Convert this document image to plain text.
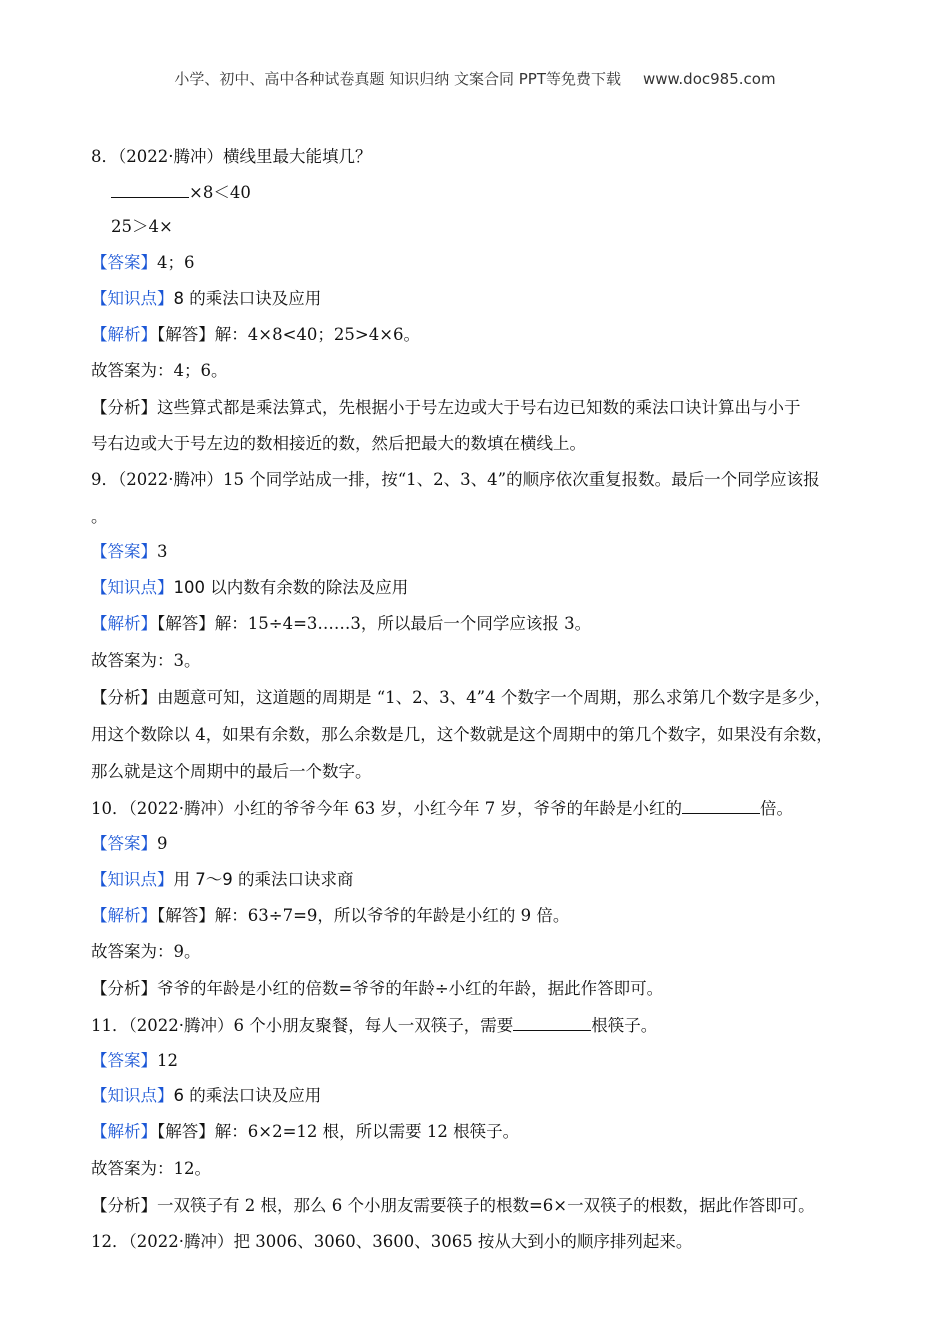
小学、初中、高中各种试卷真题 知识归纳 文案合同 PPT等免费下载 www.doc985.com
8．（2022·腾冲）横线里最大能填几？
×8＜40
25＞4×
【答案】4；6
【知识点】8 的乘法口诀及应用
【解析】【解答】解：4×8<40；25>4×6。
故答案为：4；6。
【分析】这些算式都是乘法算式，先根据小于号左边或大于号右边已知数的乘法口诀计算出与小于
号右边或大于号左边的数相接近的数，然后把最大的数填在横线上。
9．（2022·腾冲）15 个同学站成一排，按“1、2、3、4”的顺序依次重复报数。最后一个同学应该报
。
【答案】3
【知识点】100 以内数有余数的除法及应用
【解析】【解答】解：15÷4=3……3，所以最后一个同学应该报 3。
故答案为：3。
【分析】由题意可知，这道题的周期是 “1、2、3、4”4 个数字一个周期，那么求第几个数字是多少，
用这个数除以 4，如果有余数，那么余数是几，这个数就是这个周期中的第几个数字，如果没有余数，
那么就是这个周期中的最后一个数字。
10．（2022·腾冲）小红的爷爷今年 63 岁，小红今年 7 岁，爷爷的年龄是小红的	倍。
【答案】9
【知识点】用 7～9 的乘法口诀求商
【解析】【解答】解：63÷7=9，所以爷爷的年龄是小红的 9 倍。
故答案为：9。
【分析】爷爷的年龄是小红的倍数=爷爷的年龄÷小红的年龄，据此作答即可。
11．（2022·腾冲）6 个小朋友聚餐，每人一双筷子，需要	根筷子。
【答案】12
【知识点】6 的乘法口诀及应用
【解析】【解答】解：6×2=12 根，所以需要 12 根筷子。
故答案为：12。
【分析】一双筷子有 2 根，那么 6 个小朋友需要筷子的根数=6×一双筷子的根数，据此作答即可。
12．（2022·腾冲）把 3006、3060、3600、3065 按从大到小的顺序排列起来。
